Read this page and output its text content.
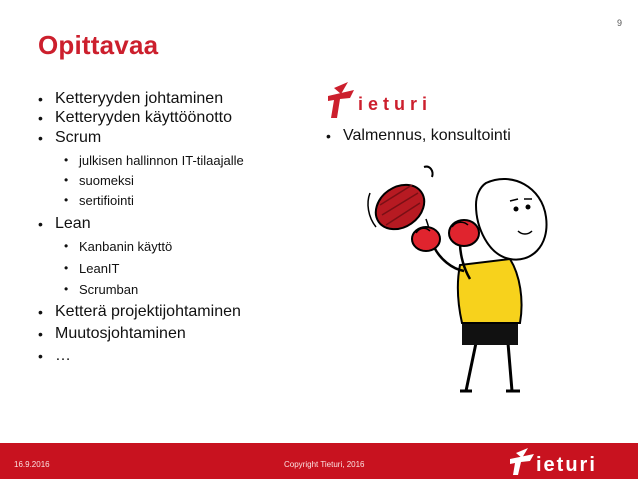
9
Opittavaa
• Ketteryyden johtaminen
• Ketteryyden käyttöönotto
• Scrum
• julkisen hallinnon IT-tilaajalle
• suomeksi
• sertifiointi
• Lean
• Kanbanin käyttö
• LeanIT
• Scrumban
• Ketterä projektijohtaminen
• Muutosjohtaminen
• …
ieturi
• Valmennus, konsultointi
16.9.2016	Copyright Tieturi, 2016	ieturi
